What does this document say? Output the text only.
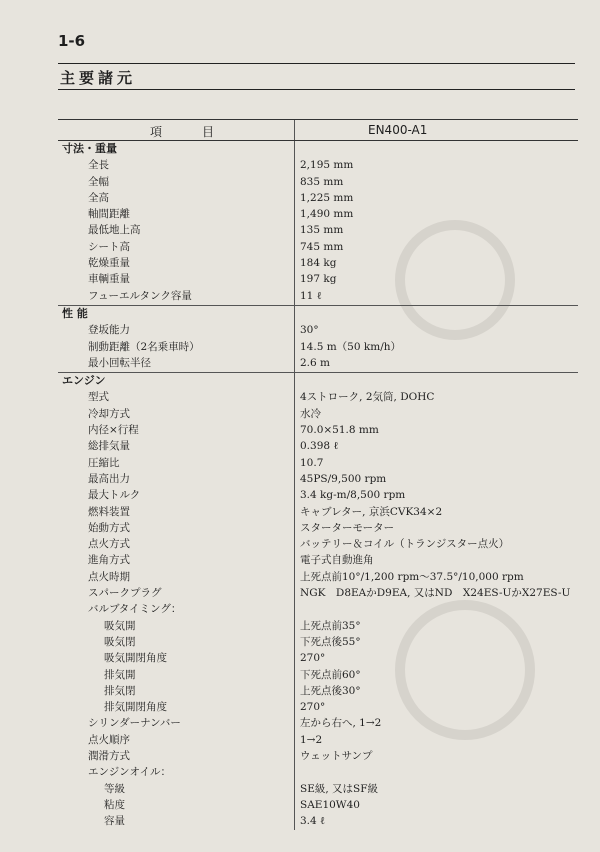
1-6
主要諸元
項目	EN400-A1
寸法・重量
全長	2,195 mm
全幅	835 mm
全高	1,225 mm
軸間距離	1,490 mm
最低地上高	135 mm
シート高	745 mm
乾燥重量	184 kg
車輌重量	197 kg
フューエルタンク容量	11 ℓ
性 能
登坂能力	30°
制動距離（2名乗車時）	14.5 m（50 km/h）
最小回転半径	2.6 m
エンジン
型式	4ストローク, 2気筒, DOHC
冷却方式	水冷
内径×行程	70.0×51.8 mm
総排気量	0.398 ℓ
圧縮比	10.7
最高出力	45PS/9,500 rpm
最大トルク	3.4 kg-m/8,500 rpm
燃料装置	キャブレター, 京浜CVK34×2
始動方式	スターターモーター
点火方式	バッテリー＆コイル（トランジスター点火）
進角方式	電子式自動進角
点火時期	上死点前10°/1,200 rpm〜37.5°/10,000 rpm
スパークプラグ	NGK　D8EAかD9EA, 又はND　X24ES-UかX27ES-U
バルブタイミング：
吸気開	上死点前35°
吸気閉	下死点後55°
吸気開閉角度	270°
排気開	下死点前60°
排気閉	上死点後30°
排気開閉角度	270°
シリンダーナンバー	左から右へ, 1→2
点火順序	1→2
潤滑方式	ウェットサンプ
エンジンオイル：
等級	SE級, 又はSF級
粘度	SAE10W40
容量	3.4 ℓ
